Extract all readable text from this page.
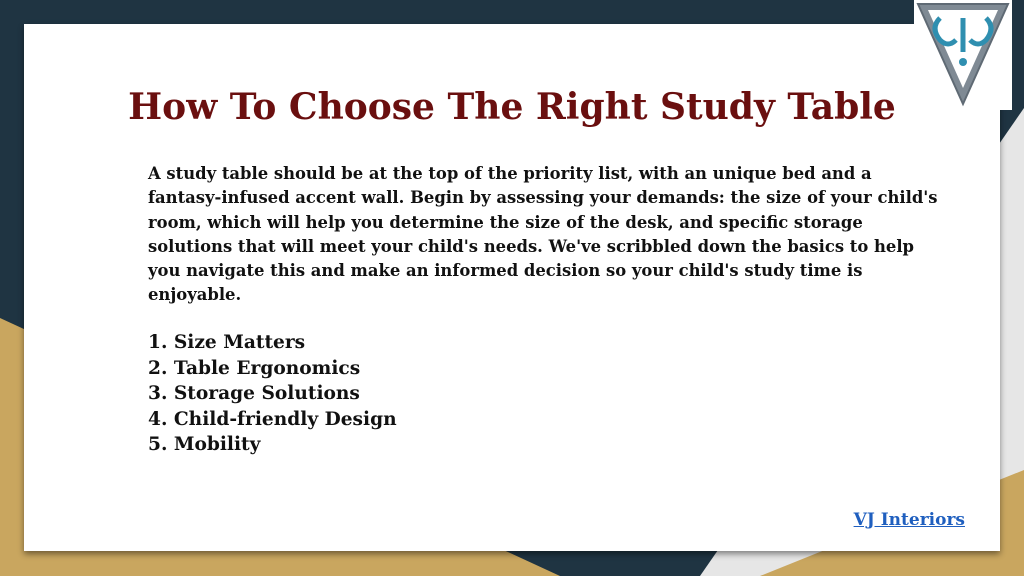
How To Choose The Right Study Table

A study table should be at the top of the priority list, with an unique bed and a fantasy-infused accent wall. Begin by assessing your demands: the size of your child's room, which will help you determine the size of the desk, and specific storage solutions that will meet your child's needs. We've scribbled down the basics to help you navigate this and make an informed decision so your child's study time is enjoyable.

1. Size Matters
2. Table Ergonomics
3. Storage Solutions
4. Child-friendly Design
5. Mobility
VJ Interiors
